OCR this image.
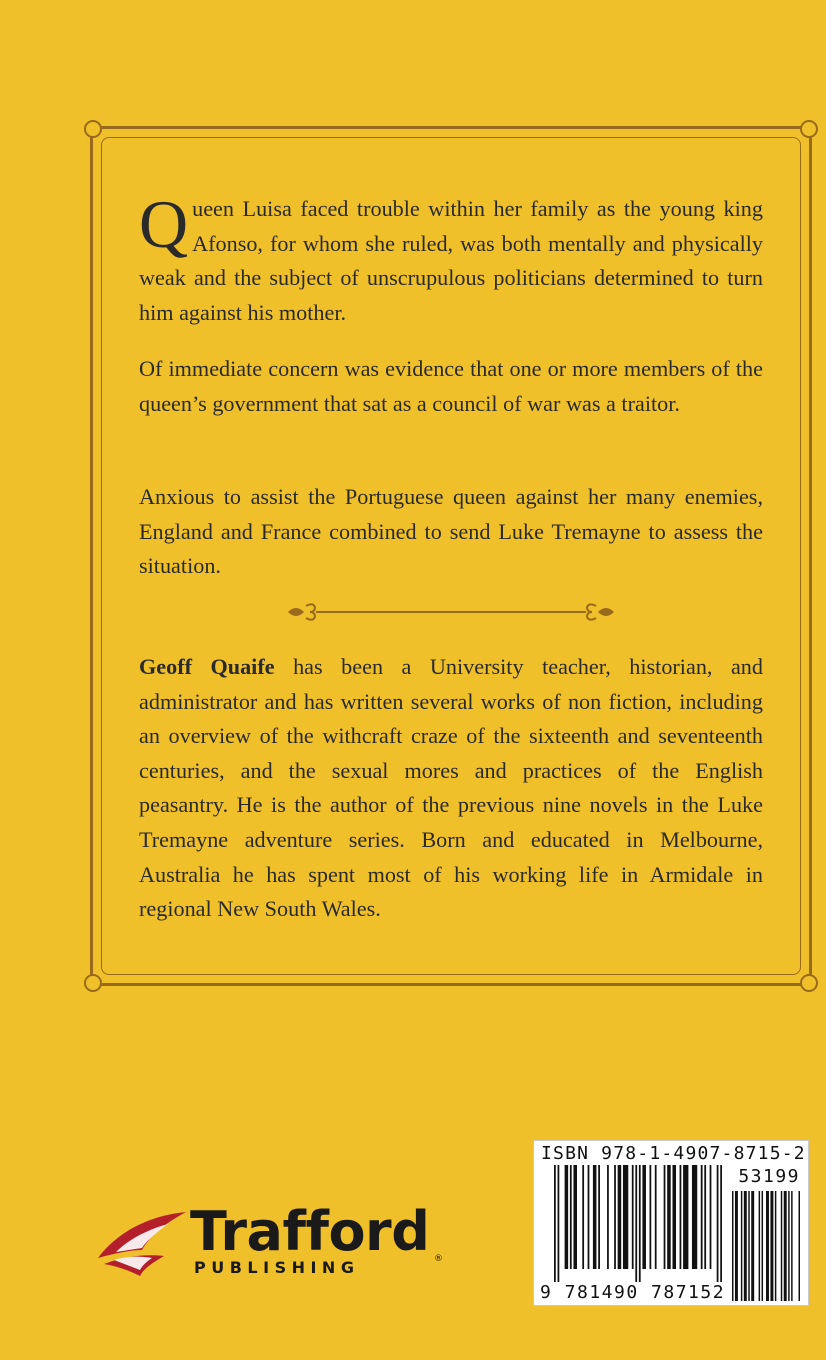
Queen Luisa faced trouble within her family as the young king Afonso, for whom she ruled, was both mentally and physically weak and the subject of unscrupulous politicians determined to turn him against his mother.

Of immediate concern was evidence that one or more members of the queen’s government that sat as a council of war was a traitor.

Anxious to assist the Portuguese queen against her many enemies, England and France combined to send Luke Tremayne to assess the situation.

Geoff Quaife has been a University teacher, historian, and administrator and has written several works of non fiction, including an overview of the withcraft craze of the sixteenth and seventeenth centuries, and the sexual mores and practices of the English peasantry. He is the author of the previous nine novels in the Luke Tremayne adventure series. Born and educated in Melbourne, Australia he has spent most of his working life in Armidale in regional New South Wales.

Trafford
PUBLISHING	®
ISBN 978-1-4907-8715-2
53199
9 781490 787152
